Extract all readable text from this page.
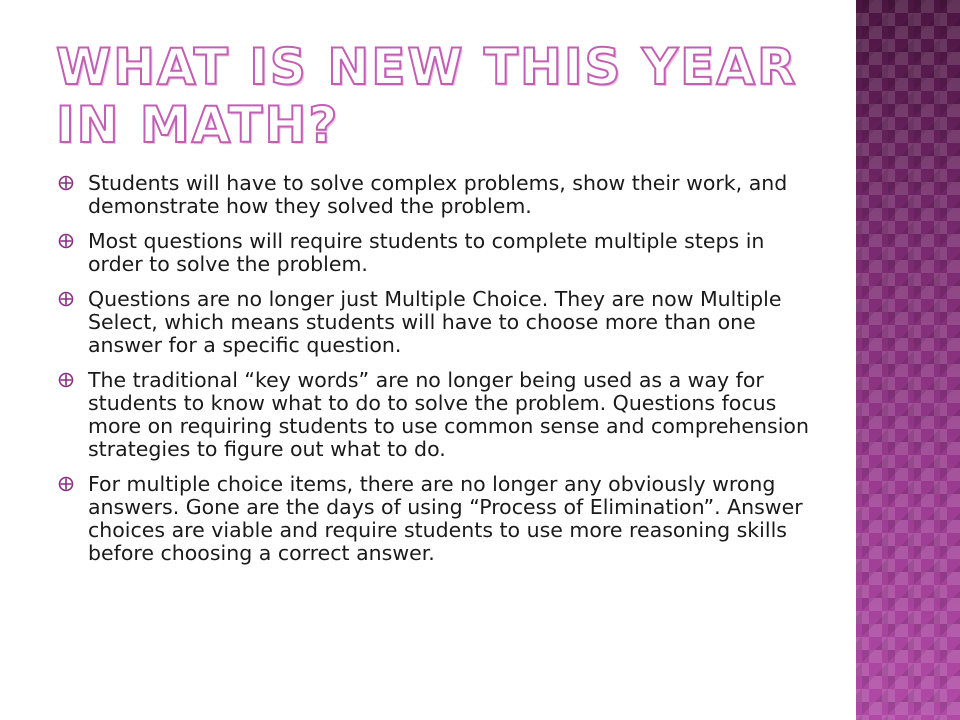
WHAT IS NEW THIS YEAR IN MATH?
Students will have to solve complex problems, show their work, and demonstrate how they solved the problem.
Most questions will require students to complete multiple steps in order to solve the problem.
Questions are no longer just Multiple Choice. They are now Multiple Select, which means students will have to choose more than one answer for a specific question.
The traditional “key words” are no longer being used as a way for students to know what to do to solve the problem. Questions focus more on requiring students to use common sense and comprehension strategies to figure out what to do.
For multiple choice items, there are no longer any obviously wrong answers. Gone are the days of using “Process of Elimination”. Answer choices are viable and require students to use more reasoning skills before choosing a correct answer.
